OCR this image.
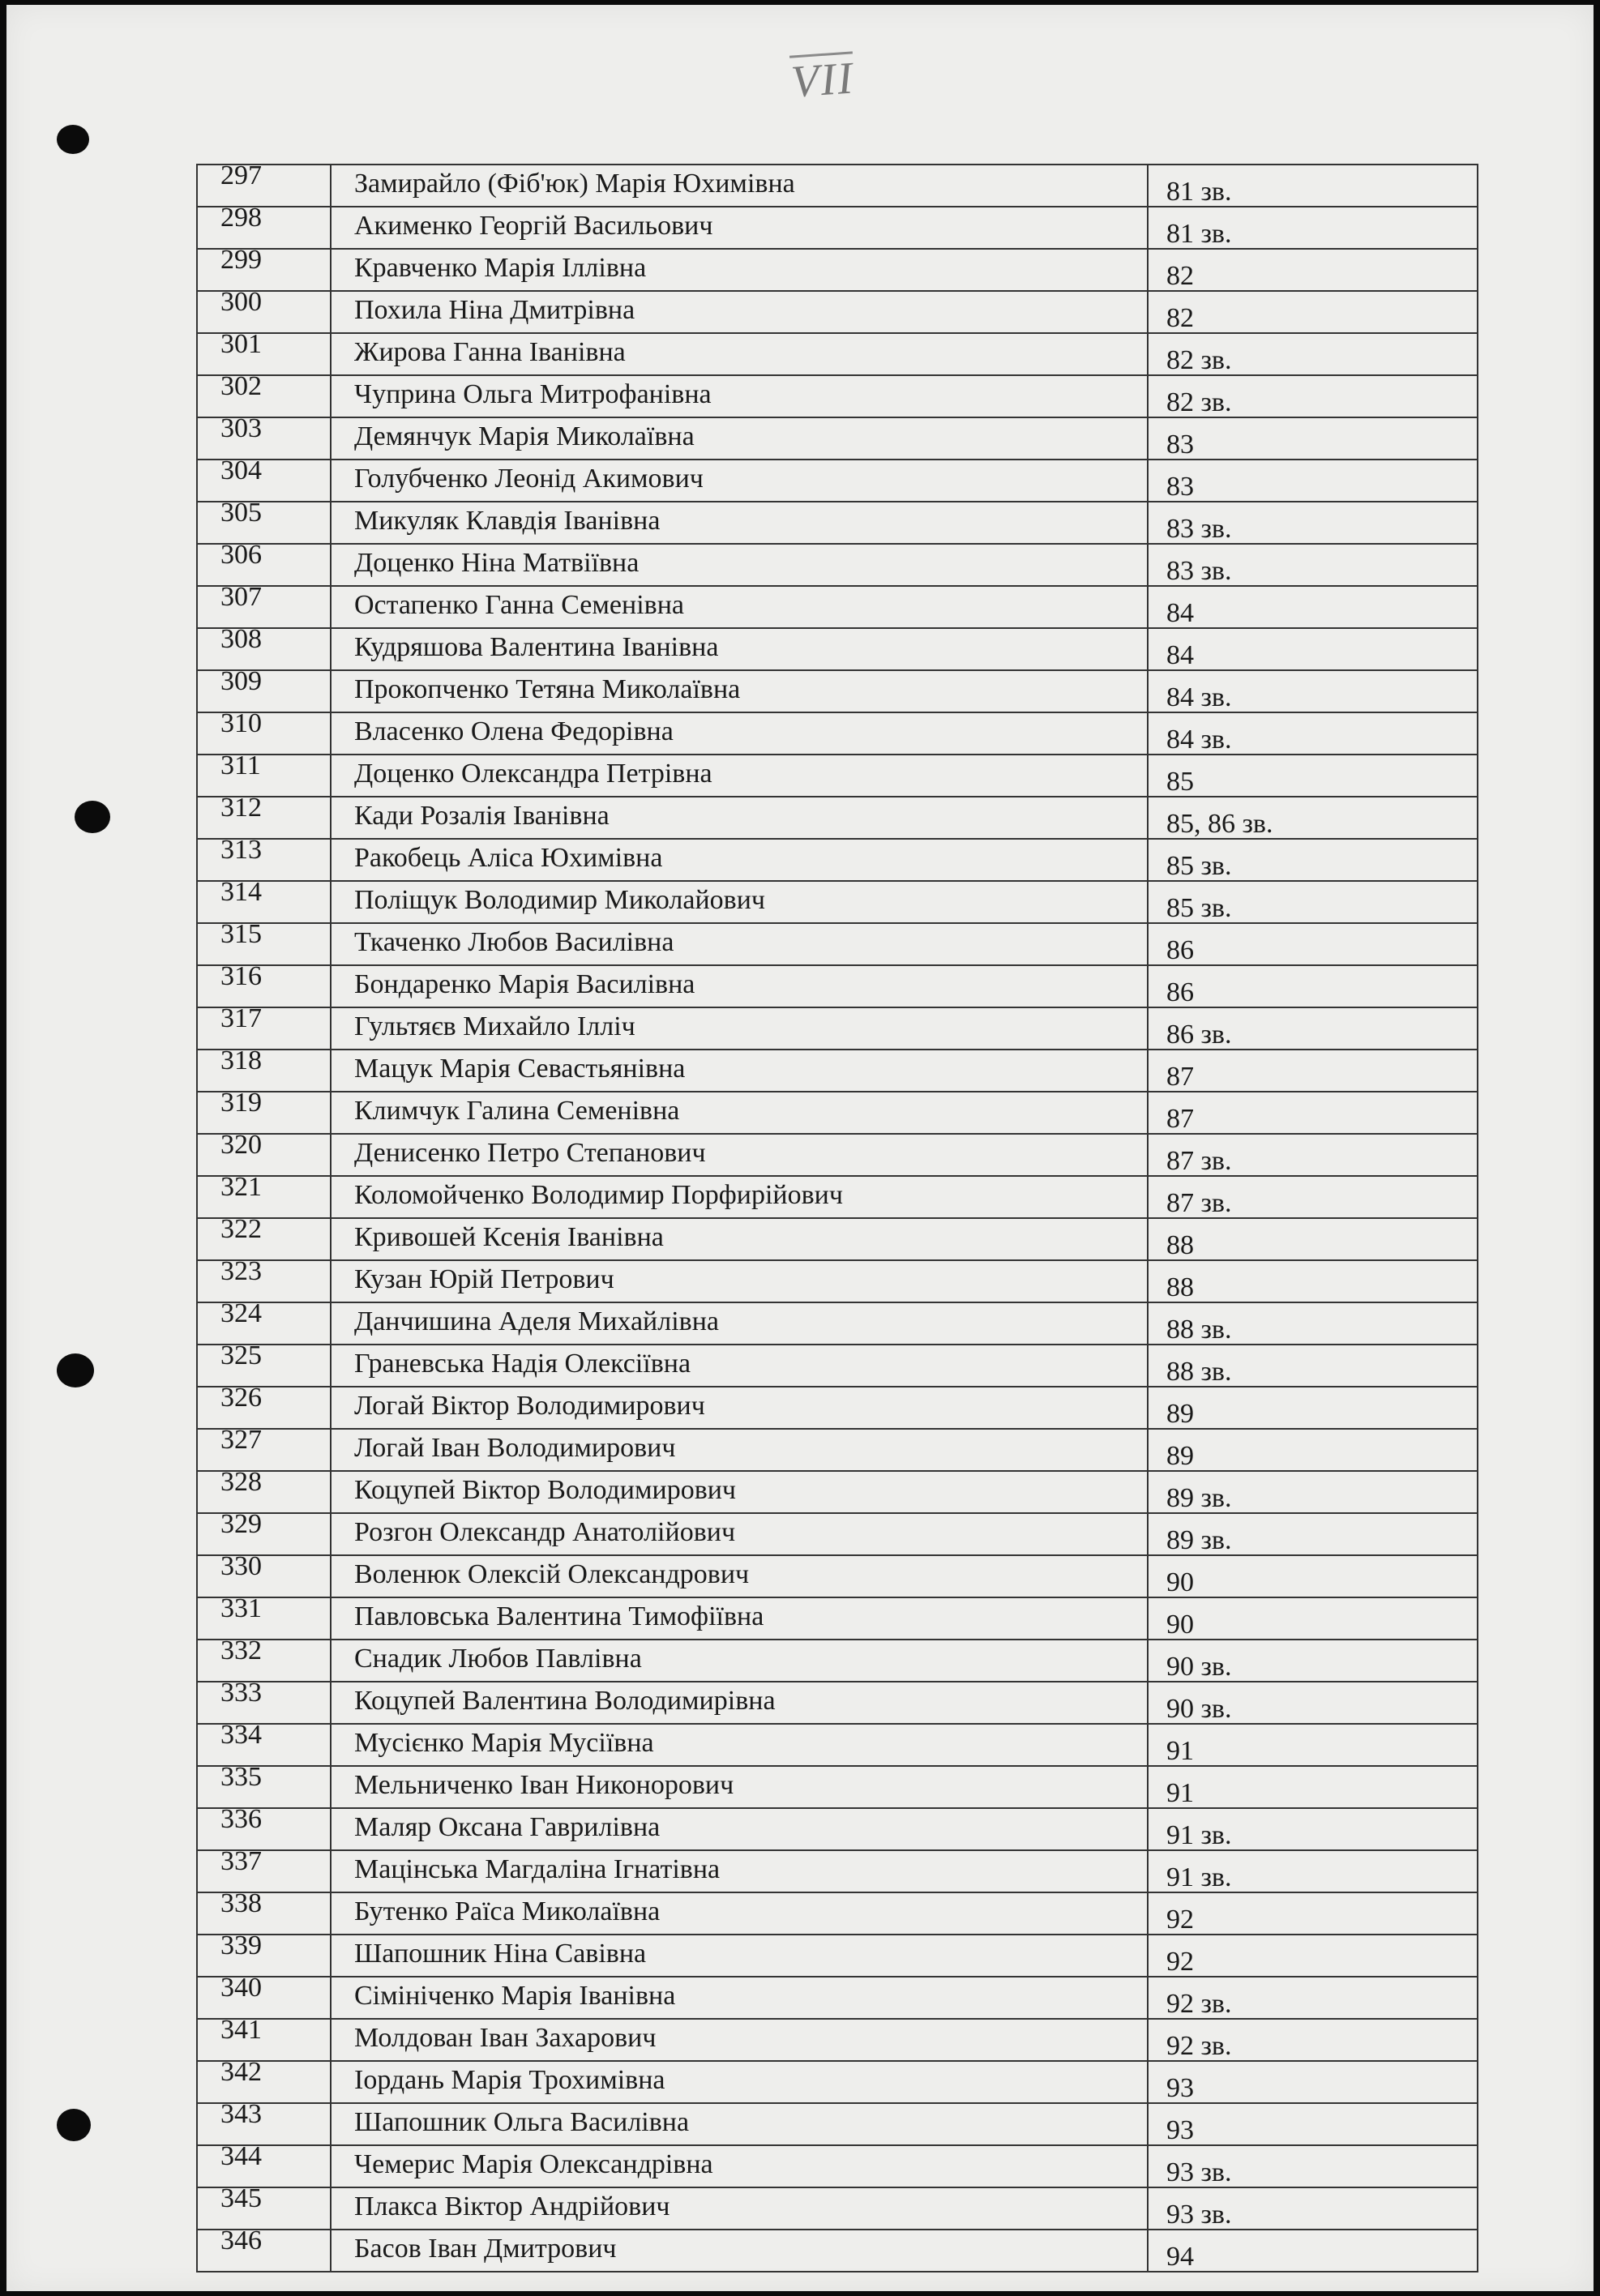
VII
297	Замирайло (Фіб'юк) Марія Юхимівна	81 зв.

298	Акименко Георгій Васильович	81 зв.

299	Кравченко Марія Іллівна	82

300	Похила Ніна Дмитрівна	82

301	Жирова Ганна Іванівна	82 зв.

302	Чуприна Ольга Митрофанівна	82 зв.

303	Демянчук Марія Миколаївна	83

304	Голубченко Леонід Акимович	83

305	Микуляк Клавдія Іванівна	83 зв.

306	Доценко Ніна Матвіївна	83 зв.

307	Остапенко Ганна Семенівна	84

308	Кудряшова Валентина Іванівна	84

309	Прокопченко Тетяна Миколаївна	84 зв.

310	Власенко Олена Федорівна	84 зв.

311	Доценко Олександра Петрівна	85

312	Кади Розалія Іванівна	85, 86 зв.

313	Ракобець Аліса Юхимівна	85 зв.

314	Поліщук Володимир Миколайович	85 зв.

315	Ткаченко Любов Василівна	86

316	Бондаренко Марія Василівна	86

317	Гультяєв Михайло Ілліч	86 зв.

318	Мацук Марія Севастьянівна	87

319	Климчук Галина Семенівна	87

320	Денисенко Петро Степанович	87 зв.

321	Коломойченко Володимир Порфирійович	87 зв.

322	Кривошей Ксенія Іванівна	88

323	Кузан Юрій Петрович	88

324	Данчишина Аделя Михайлівна	88 зв.

325	Граневська Надія Олексіївна	88 зв.

326	Логай Віктор Володимирович	89

327	Логай Іван Володимирович	89

328	Коцупей Віктор Володимирович	89 зв.

329	Розгон Олександр Анатолійович	89 зв.

330	Воленюк Олексій Олександрович	90

331	Павловська Валентина Тимофіївна	90

332	Снадик Любов Павлівна	90 зв.

333	Коцупей Валентина Володимирівна	90 зв.

334	Мусієнко Марія Мусіївна	91

335	Мельниченко Іван Никонорович	91

336	Маляр Оксана Гаврилівна	91 зв.

337	Мацінська Магдаліна Ігнатівна	91 зв.

338	Бутенко Раїса Миколаївна	92

339	Шапошник Ніна Савівна	92

340	Сімініченко Марія Іванівна	92 зв.

341	Молдован Іван Захарович	92 зв.

342	Іордань Марія Трохимівна	93

343	Шапошник Ольга Василівна	93

344	Чемерис Марія Олександрівна	93 зв.

345	Плакса Віктор Андрійович	93 зв.

346	Басов Іван Дмитрович	94
